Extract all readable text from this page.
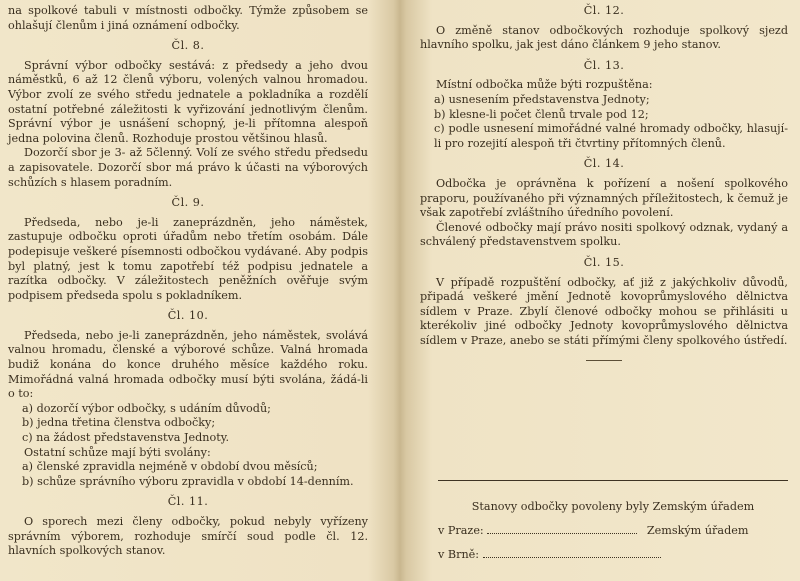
na spolkové tabuli v místnosti odbočky. Týmže způsobem se ohlašují členům i jiná oznámení odbočky.

Čl. 8.

Správní výbor odbočky sestává: z předsedy a jeho dvou náměstků, 6 až 12 členů výboru, volených valnou hromadou. Výbor zvolí ze svého středu jednatele a pokladníka a rozdělí ostatní potřebné záležitosti k vyřizování jednotlivým členům. Správní výbor je usnášení schopný, je-li přítomna alespoň jedna polovina členů. Rozhoduje prostou většinou hlasů.

Dozorčí sbor je 3- až 5členný. Volí ze svého středu předsedu a zapisovatele. Dozorčí sbor má právo k účasti na výborových schůzích s hlasem poradním.

Čl. 9.

Předseda, nebo je-li zaneprázdněn, jeho náměstek, zastupuje odbočku oproti úřadům nebo třetím osobám. Dále podepisuje veškeré písemnosti odbočkou vydávané. Aby podpis byl platný, jest k tomu zapotřebí též podpisu jednatele a razítka odbočky. V záležitostech peněžních ověřuje svým podpisem předseda spolu s pokladníkem.

Čl. 10.

Předseda, nebo je-li zaneprázdněn, jeho náměstek, svolává valnou hromadu, členské a výborové schůze. Valná hromada budiž konána do konce druhého měsíce každého roku. Mimořádná valná hromada odbočky musí býti svolána, žádá-li o to:

a) dozorčí výbor odbočky, s udáním důvodů;

b) jedna třetina členstva odbočky;

c) na žádost představenstva Jednoty.

Ostatní schůze mají býti svolány:

a) členské zpravidla nejméně v období dvou měsíců;

b) schůze správního výboru zpravidla v období 14-denním.

Čl. 11.

O sporech mezi členy odbočky, pokud nebyly vyřízeny správním výborem, rozhoduje smírčí soud podle čl. 12. hlavních spolkových stanov.

Čl. 12.

O změně stanov odbočkových rozhoduje spolkový sjezd hlavního spolku, jak jest dáno článkem 9 jeho stanov.

Čl. 13.

Místní odbočka může býti rozpuštěna:

a) usnesením představenstva Jednoty;

b) klesne-li počet členů trvale pod 12;

c) podle usnesení mimořádné valné hromady odbočky, hlasují-li pro rozejití alespoň tři čtvrtiny přítomných členů.

Čl. 14.

Odbočka je oprávněna k pořízení a nošení spolkového praporu, používaného při významných příležitostech, k čemuž je však zapotřebí zvláštního úředního povolení.

Členové odbočky mají právo nositi spolkový odznak, vydaný a schválený představenstvem spolku.

Čl. 15.

V případě rozpuštění odbočky, ať již z jakýchkoliv důvodů, připadá veškeré jmění Jednotě kovoprůmyslového dělnictva sídlem v Praze. Zbylí členové odbočky mohou se přihlásiti u kterékoliv jiné odbočky Jednoty kovoprůmyslového dělnictva sídlem v Praze, anebo se státi přímými členy spolkového ústředí.

Stanovy odbočky povoleny byly Zemským úřadem

v Praze:	Zemským úřadem

v Brně:
